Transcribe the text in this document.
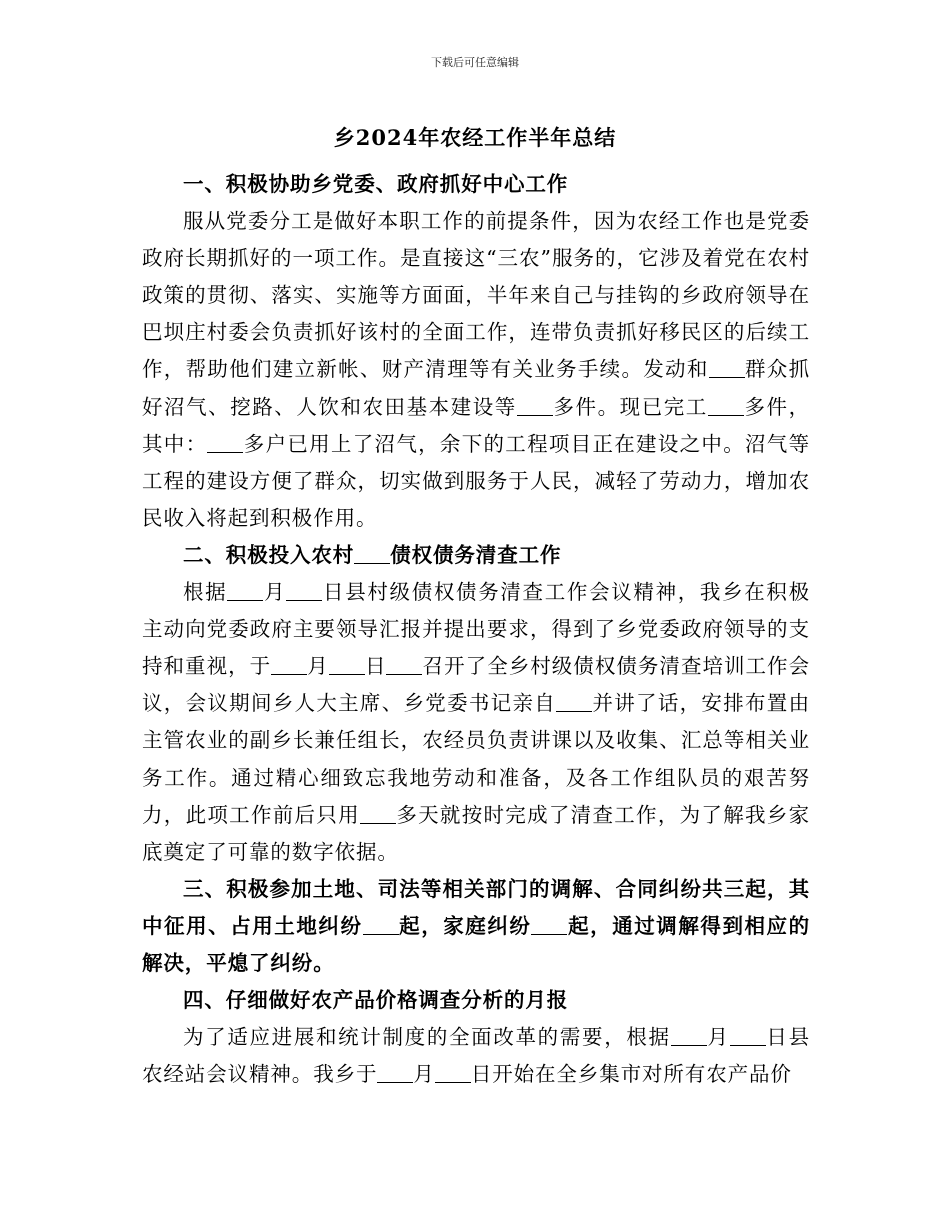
下载后可任意编辑
乡2024年农经工作半年总结

一、积极协助乡党委、政府抓好中心工作

服从党委分工是做好本职工作的前提条件，因为农经工作也是党委政府长期抓好的一项工作。是直接这“三农”服务的，它涉及着党在农村政策的贯彻、落实、实施等方面面，半年来自己与挂钩的乡政府领导在巴坝庄村委会负责抓好该村的全面工作，连带负责抓好移民区的后续工作，帮助他们建立新帐、财产清理等有关业务手续。发动和 群众抓好沼气、挖路、人饮和农田基本建设等 多件。现已完工 多件，其中： 多户已用上了沼气，余下的工程项目正在建设之中。沼气等工程的建设方便了群众，切实做到服务于人民，减轻了劳动力，增加农民收入将起到积极作用。

二、积极投入农村 债权债务清查工作

根据 月 日县村级债权债务清查工作会议精神，我乡在积极主动向党委政府主要领导汇报并提出要求，得到了乡党委政府领导的支持和重视，于 月 日 召开了全乡村级债权债务清查培训工作会议，会议期间乡人大主席、乡党委书记亲自 并讲了话，安排布置由主管农业的副乡长兼任组长，农经员负责讲课以及收集、汇总等相关业务工作。通过精心细致忘我地劳动和准备，及各工作组队员的艰苦努力，此项工作前后只用 多天就按时完成了清查工作，为了解我乡家底奠定了可靠的数字依据。

三、积极参加土地、司法等相关部门的调解、合同纠纷共三起，其中征用、占用土地纠纷 起，家庭纠纷 起，通过调解得到相应的解决，平熄了纠纷。

四、仔细做好农产品价格调查分析的月报

为了适应进展和统计制度的全面改革的需要，根据 月 日县农经站会议精神。我乡于 月 日开始在全乡集市对所有农产品价
